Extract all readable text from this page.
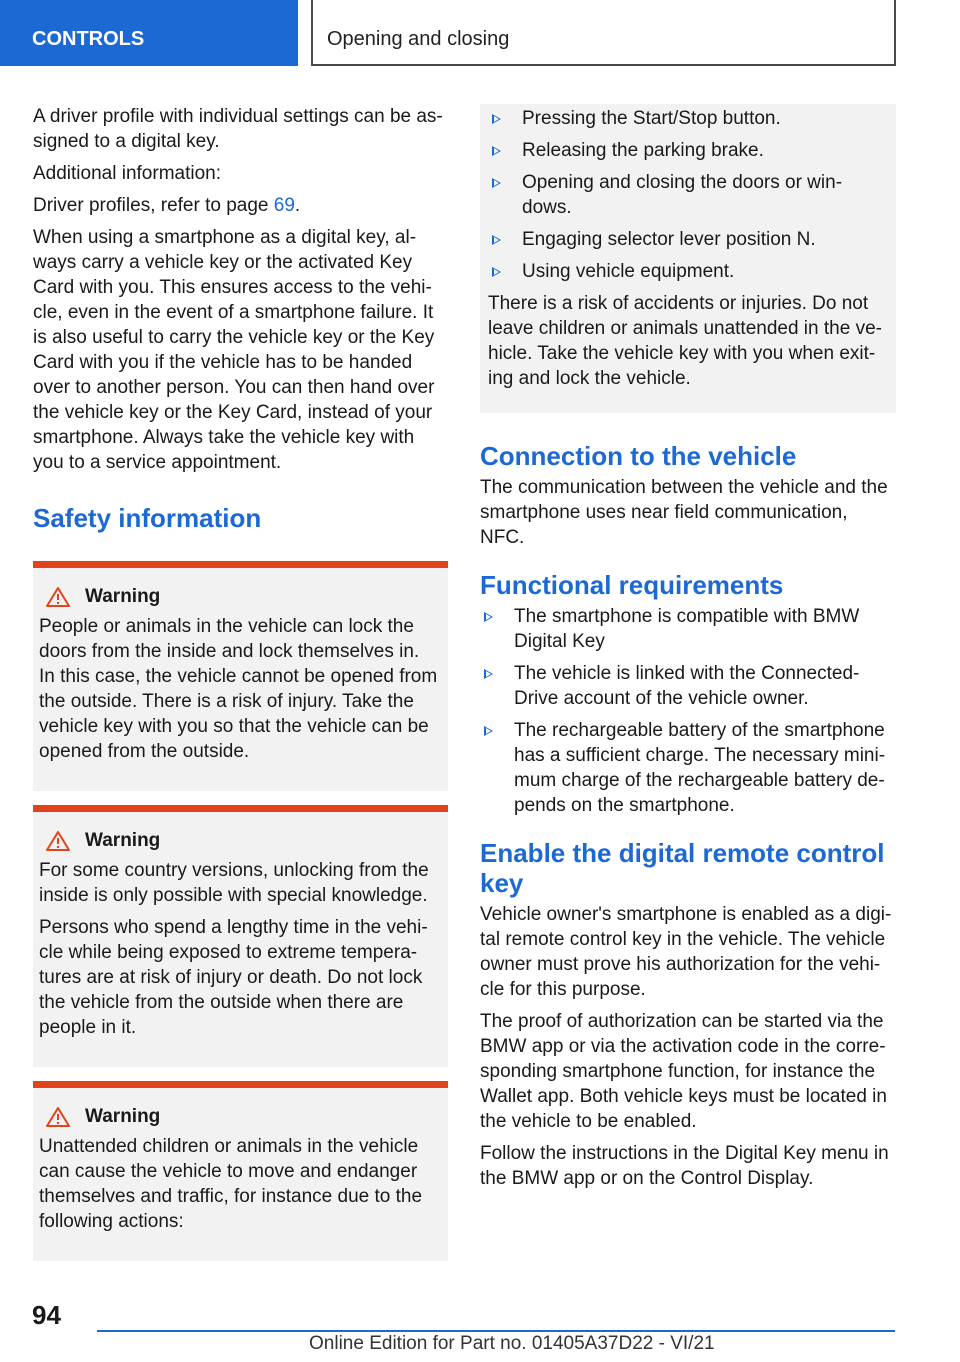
CONTROLS	Opening and closing

A driver profile with individual settings can be as-signed to a digital key.

Additional information:

Driver profiles, refer to page 69.

When using a smartphone as a digital key, al-ways carry a vehicle key or the activated Key Card with you. This ensures access to the vehi-cle, even in the event of a smartphone failure. It is also useful to carry the vehicle key or the Key Card with you if the vehicle has to be handed over to another person. You can then hand over the vehicle key or the Key Card, instead of your smartphone. Always take the vehicle key with you to a service appointment.

Safety information
Warning

People or animals in the vehicle can lock the doors from the inside and lock themselves in. In this case, the vehicle cannot be opened from the outside. There is a risk of injury. Take the vehicle key with you so that the vehicle can be opened from the outside.

Warning

For some country versions, unlocking from the inside is only possible with special knowledge.

Persons who spend a lengthy time in the vehi-cle while being exposed to extreme tempera-tures are at risk of injury or death. Do not lock the vehicle from the outside when there are people in it.

Warning

Unattended children or animals in the vehicle can cause the vehicle to move and endanger themselves and traffic, for instance due to the following actions:

Pressing the Start/Stop button.
Releasing the parking brake.
Opening and closing the doors or win-dows.
Engaging selector lever position N.
Using vehicle equipment.

There is a risk of accidents or injuries. Do not leave children or animals unattended in the ve-hicle. Take the vehicle key with you when exit-ing and lock the vehicle.

Connection to the vehicle

The communication between the vehicle and the smartphone uses near field communication, NFC.

Functional requirements
The smartphone is compatible with BMW Digital Key
The vehicle is linked with the Connected-Drive account of the vehicle owner.
The rechargeable battery of the smartphone has a sufficient charge. The necessary mini-mum charge of the rechargeable battery de-pends on the smartphone.
Enable the digital remote control key

Vehicle owner's smartphone is enabled as a digi-tal remote control key in the vehicle. The vehicle owner must prove his authorization for the vehi-cle for this purpose.

The proof of authorization can be started via the BMW app or via the activation code in the corre-sponding smartphone function, for instance the Wallet app. Both vehicle keys must be located in the vehicle to be enabled.

Follow the instructions in the Digital Key menu in the BMW app or on the Control Display.

94
Online Edition for Part no. 01405A37D22 - VI/21
